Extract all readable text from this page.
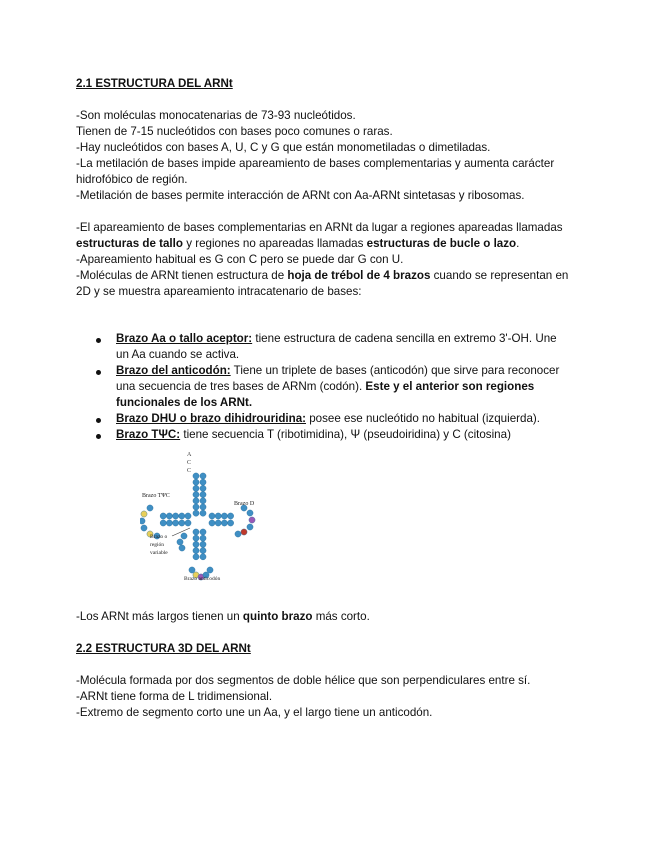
2.1 ESTRUCTURA DEL ARNt
-Son moléculas monocatenarias de 73-93 nucleótidos.
Tienen de 7-15 nucleótidos con bases poco comunes o raras.
-Hay nucleótidos con bases A, U, C y G que están monometiladas o dimetiladas.
-La metilación de bases impide apareamiento de bases complementarias y aumenta carácter
hidrofóbico de región.
-Metilación de bases permite interacción de ARNt con Aa-ARNt sintetasas y ribosomas.
-El apareamiento de bases complementarias en ARNt da lugar a regiones apareadas llamadas
estructuras de tallo y regiones no apareadas llamadas estructuras de bucle o lazo.
-Apareamiento habitual es G con C pero se puede dar G con U.
-Moléculas de ARNt tienen estructura de hoja de trébol de 4 brazos cuando se representan en
2D y se muestra apareamiento intracatenario de bases:
Brazo Aa o tallo aceptor: tiene estructura de cadena sencilla en extremo 3'-OH. Une
un Aa cuando se activa.
Brazo del anticodón: Tiene un triplete de bases (anticodón) que sirve para reconocer
una secuencia de tres bases de ARNm (codón). Este y el anterior son regiones
funcionales de los ARNt.
Brazo DHU o brazo dihidrouridina: posee ese nucleótido no habitual (izquierda).
Brazo TΨC: tiene secuencia T (ribotimidina), Ψ (pseudoiridina) y C (citosina)
A
C
C
Brazo TΨC
Brazo D
Brazo o
región
variable
Brazo anticodón
-Los ARNt más largos tienen un quinto brazo más corto.
2.2 ESTRUCTURA 3D DEL ARNt
-Molécula formada por dos segmentos de doble hélice que son perpendiculares entre sí.
-ARNt tiene forma de L tridimensional.
-Extremo de segmento corto une un Aa, y el largo tiene un anticodón.
